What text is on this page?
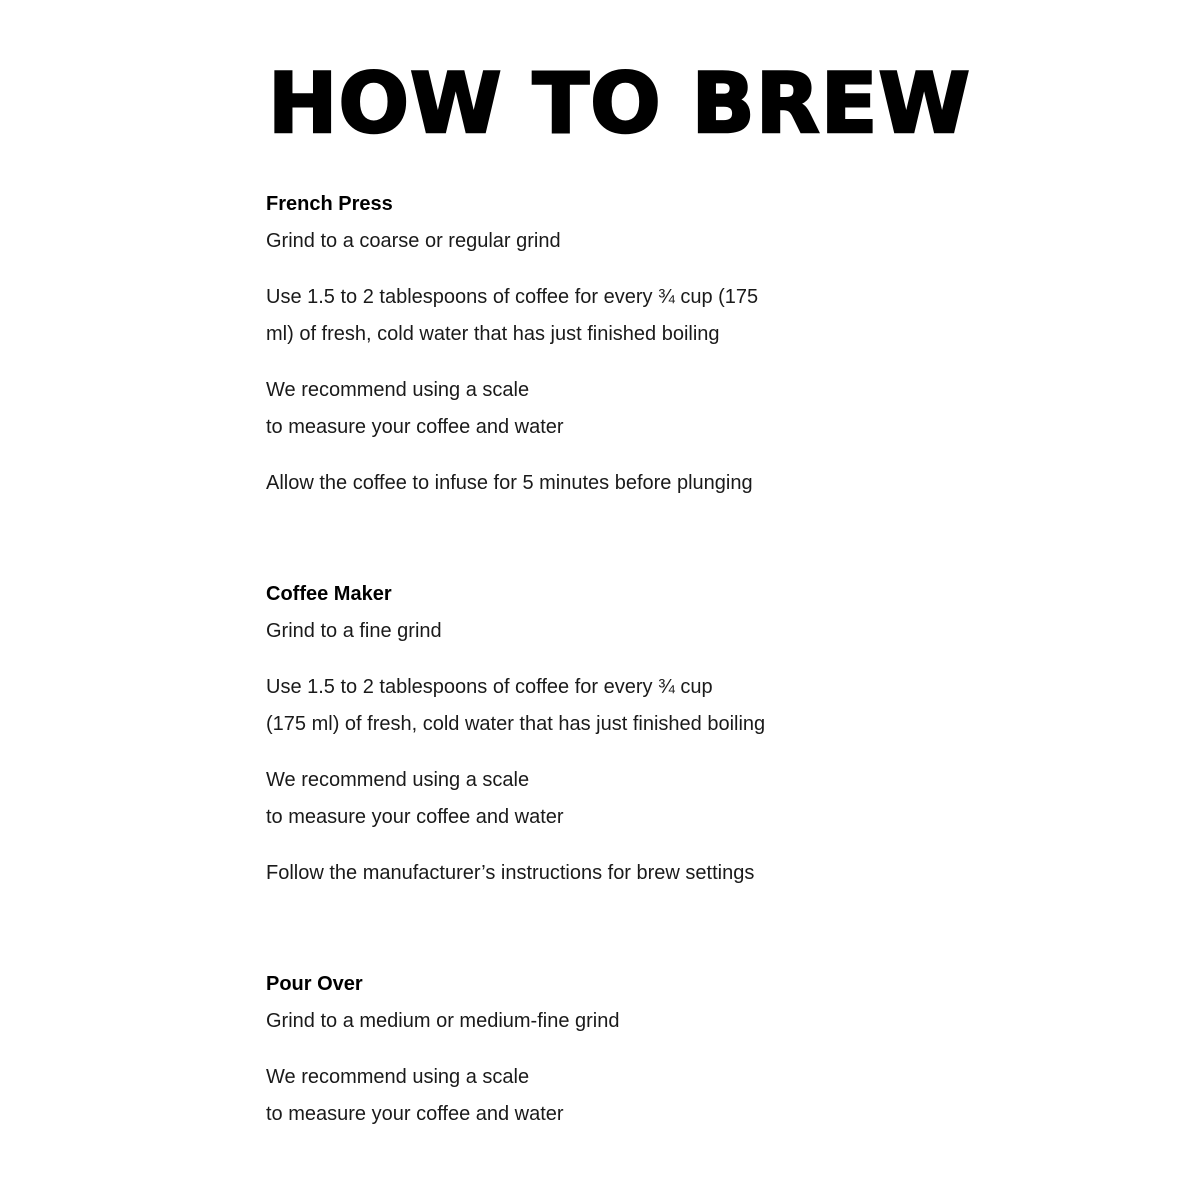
HOW TO BREW
French Press

Grind to a coarse or regular grind

Use 1.5 to 2 tablespoons of coffee for every ¾ cup (175
ml) of fresh, cold water that has just finished boiling

We recommend using a scale
to measure your coffee and water

Allow the coffee to infuse for 5 minutes before plunging

Coffee Maker

Grind to a fine grind

Use 1.5 to 2 tablespoons of coffee for every ¾ cup
(175 ml) of fresh, cold water that has just finished boiling

We recommend using a scale
to measure your coffee and water

Follow the manufacturer’s instructions for brew settings

Pour Over

Grind to a medium or medium-fine grind

We recommend using a scale
to measure your coffee and water
